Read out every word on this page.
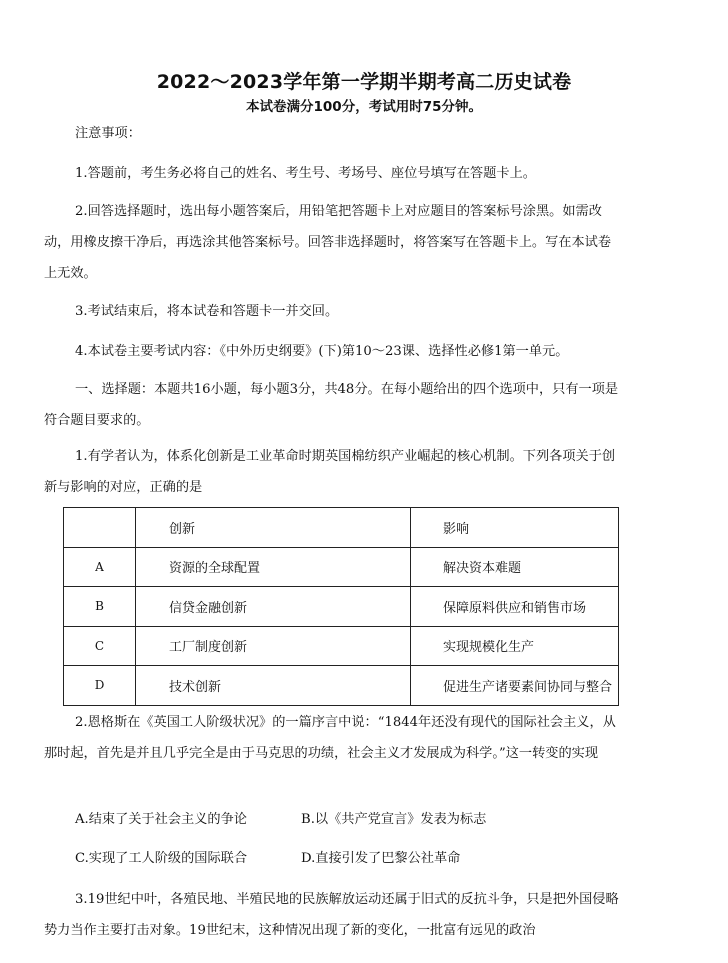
2022～2023学年第一学期半期考高二历史试卷
本试卷满分100分，考试用时75分钟。

注意事项：

1.答题前，考生务必将自己的姓名、考生号、考场号、座位号填写在答题卡上。

2.回答选择题时，选出每小题答案后，用铅笔把答题卡上对应题目的答案标号涂黑。如需改动，用橡皮擦干净后，再选涂其他答案标号。回答非选择题时，将答案写在答题卡上。写在本试卷上无效。

3.考试结束后，将本试卷和答题卡一并交回。

4.本试卷主要考试内容：《中外历史纲要》(下)第10～23课、选择性必修1第一单元。

一、选择题：本题共16小题，每小题3分，共48分。在每小题给出的四个选项中，只有一项是符合题目要求的。

1.有学者认为，体系化创新是工业革命时期英国棉纺织产业崛起的核心机制。下列各项关于创新与影响的对应，正确的是

	创新	影响
A	资源的全球配置	解决资本难题
B	信贷金融创新	保障原料供应和销售市场
C	工厂制度创新	实现规模化生产
D	技术创新	促进生产诸要素间协同与整合

2.恩格斯在《英国工人阶级状况》的一篇序言中说：“1844年还没有现代的国际社会主义，从那时起，首先是并且几乎完全是由于马克思的功绩，社会主义才发展成为科学。”这一转变的实现

A.结束了关于社会主义的争论	B.以《共产党宣言》发表为标志
C.实现了工人阶级的国际联合	D.直接引发了巴黎公社革命

3.19世纪中叶，各殖民地、半殖民地的民族解放运动还属于旧式的反抗斗争，只是把外国侵略势力当作主要打击对象。19世纪末，这种情况出现了新的变化，一批富有远见的政治
